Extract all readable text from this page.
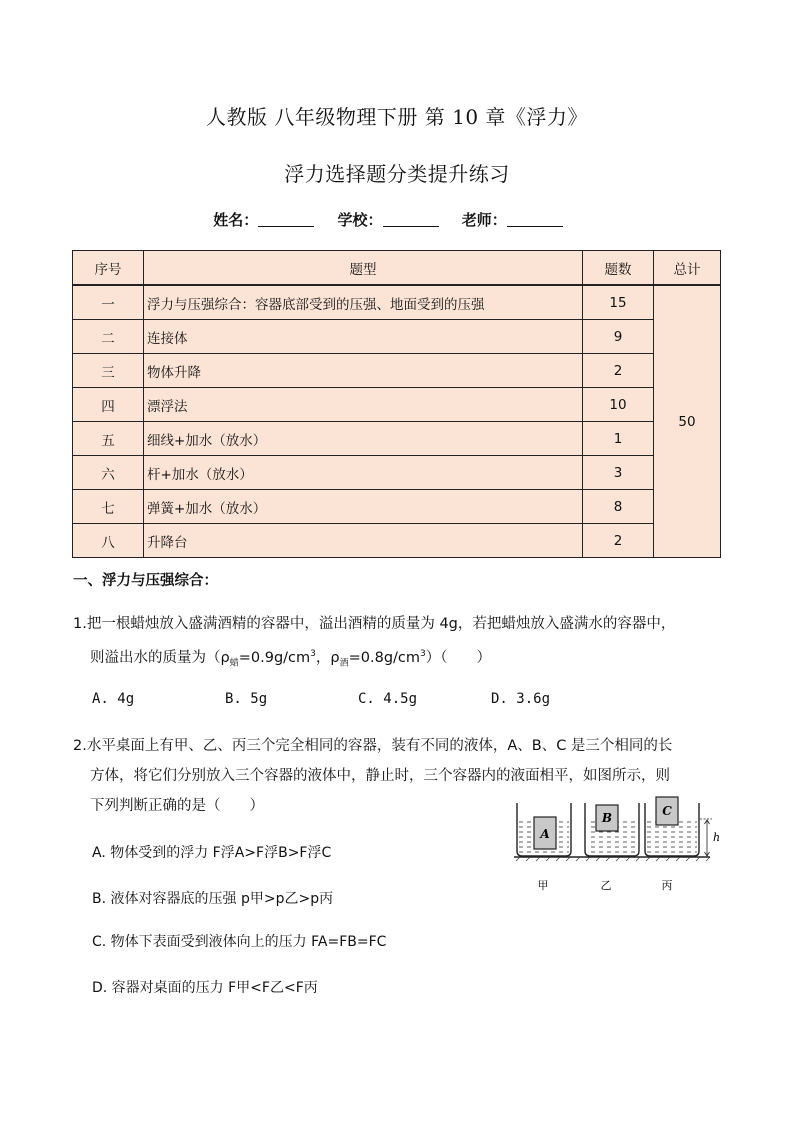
人教版 八年级物理下册 第 10 章《浮力》
浮力选择题分类提升练习
姓名：	学校：	老师：
序号	题型	题数	总计
一	浮力与压强综合：容器底部受到的压强、地面受到的压强	15	50
二	连接体	9	
三	物体升降	2	
四	漂浮法	10	
五	细线+加水（放水）	1	
六	杆+加水（放水）	3	
七	弹簧+加水（放水）	8	
八	升降台	2	
一、浮力与压强综合：
1.把一根蜡烛放入盛满酒精的容器中，溢出酒精的质量为 4g，若把蜡烛放入盛满水的容器中，
则溢出水的质量为（$\rho_蜡=0.9g/cm^3$，$\rho_酒=0.8g/cm^3$）（　　）
A. 4g	B. 5g	C. 4.5g	D. 3.6g
2.水平桌面上有甲、乙、丙三个完全相同的容器，装有不同的液体，A、B、C 是三个相同的长
方体，将它们分别放入三个容器的液体中，静止时，三个容器内的液面相平，如图所示，则
下列判断正确的是（　　）
A. 物体受到的浮力 F浮A>F浮B>F浮C
B. 液体对容器底的压强 p甲>p乙>p丙
C. 物体下表面受到液体向上的压力 FA=FB=FC
D. 容器对桌面的压力 F甲<F乙<F丙
A
B	C
h
甲	乙	丙
